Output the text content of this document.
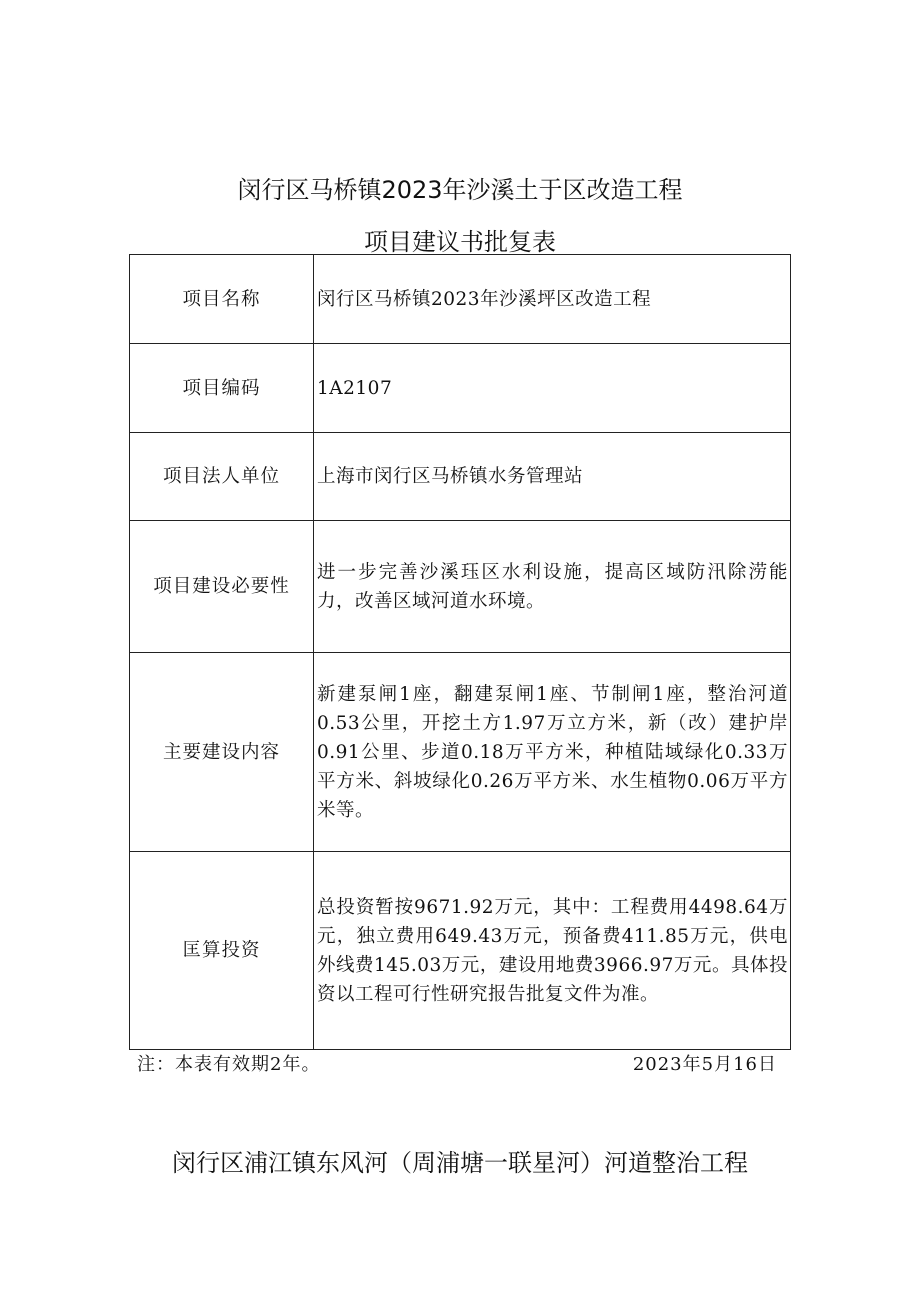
闵行区马桥镇2023年沙溪土于区改造工程
项目建议书批复表
项目名称	闵行区马桥镇2023年沙溪坪区改造工程
项目编码	1A2107
项目法人单位	上海市闵行区马桥镇水务管理站
项目建设必要性	进一步完善沙溪珏区水利设施，提高区域防汛除涝能力，改善区域河道水环境。
主要建设内容	新建泵闸1座，翻建泵闸1座、节制闸1座，整治河道0.53公里，开挖土方1.97万立方米，新（改）建护岸0.91公里、步道0.18万平方米，种植陆域绿化0.33万平方米、斜坡绿化0.26万平方米、水生植物0.06万平方米等。
匡算投资	总投资暂按9671.92万元，其中：工程费用4498.64万元，独立费用649.43万元，预备费411.85万元，供电外线费145.03万元，建设用地费3966.97万元。具体投资以工程可行性研究报告批复文件为准。
注：本表有效期2年。	2023年5月16日
闵行区浦江镇东风河（周浦塘一联星河）河道整治工程
